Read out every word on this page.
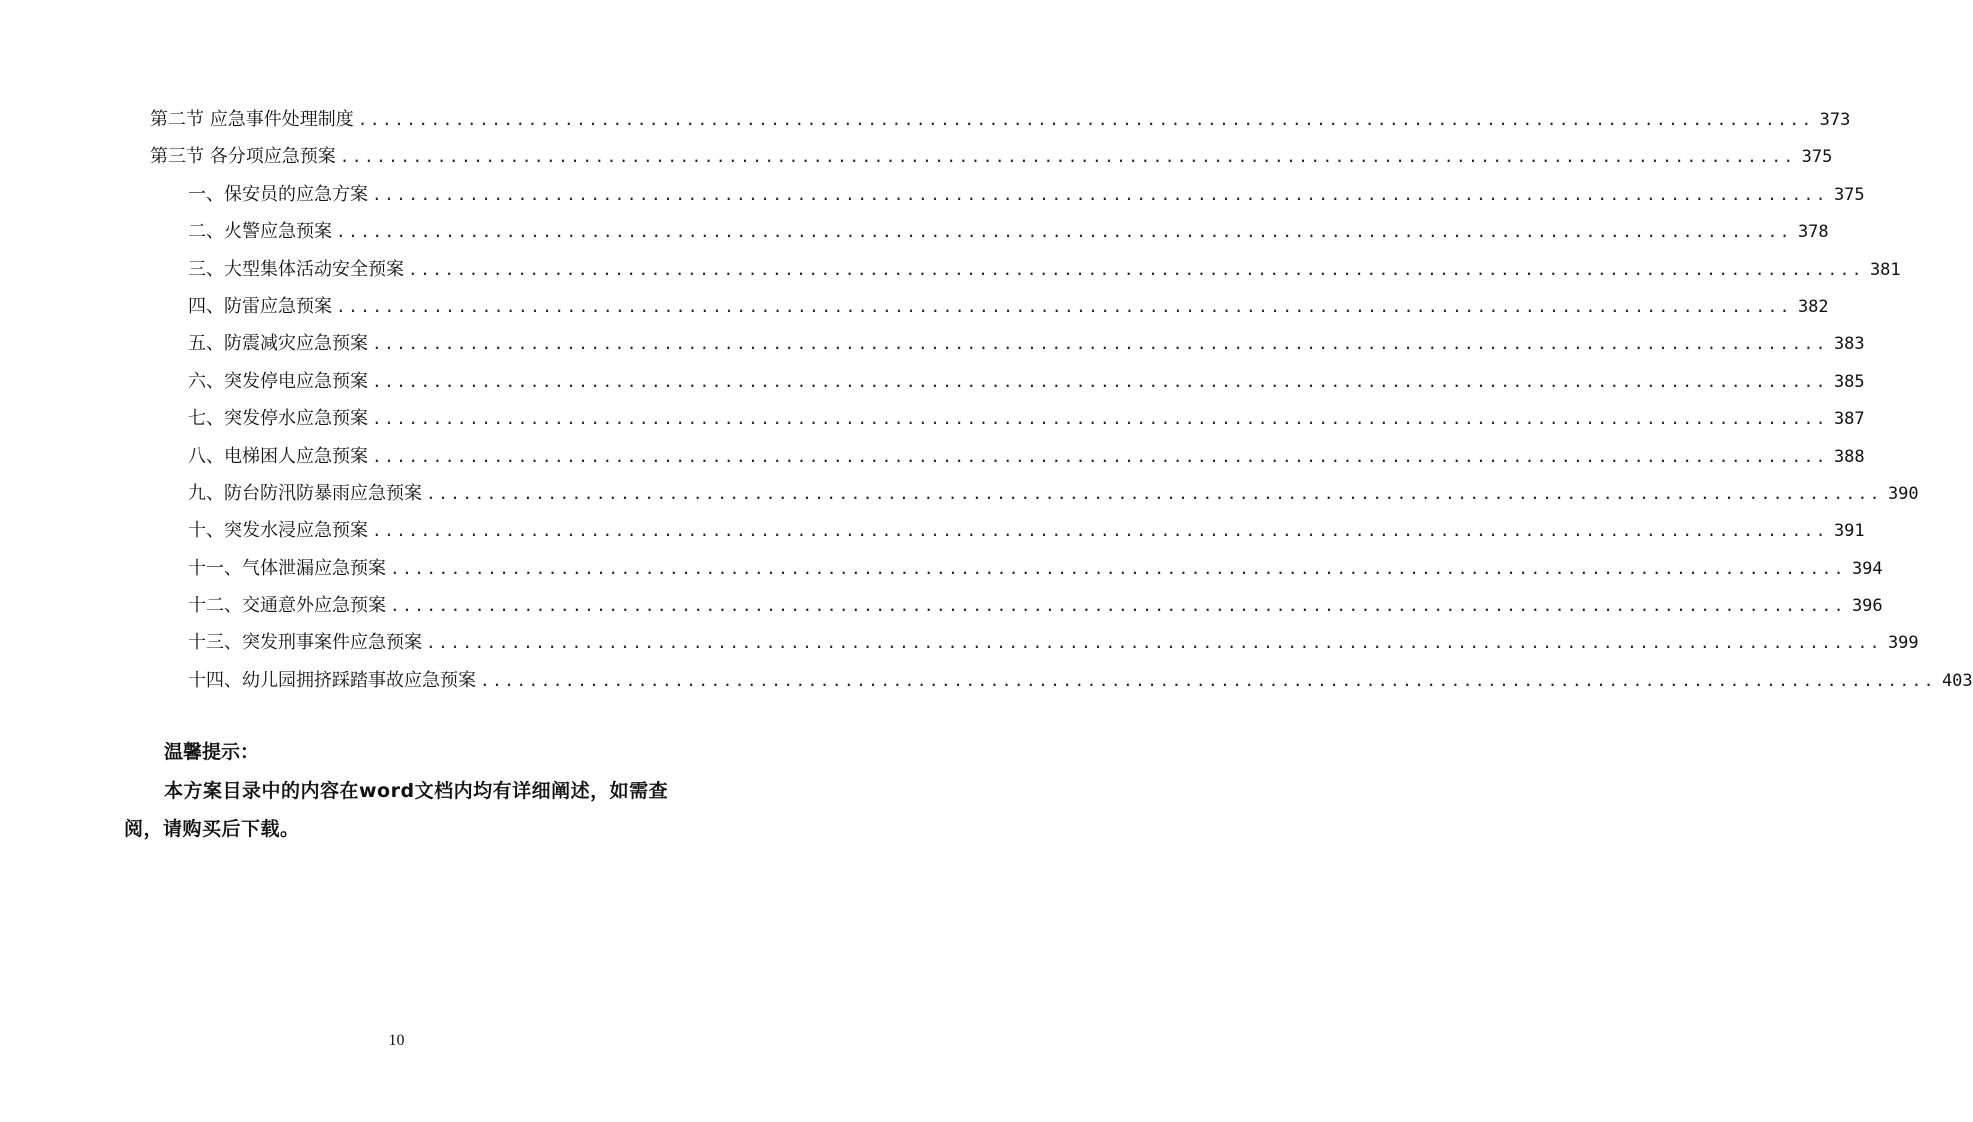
第二节 应急事件处理制度 ........................................................................................................................ 373
第三节 各分项应急预案 ........................................................................................................................ 375
一、保安员的应急方案 ........................................................................................................................ 375
二、火警应急预案 ........................................................................................................................ 378
三、大型集体活动安全预案 ........................................................................................................................ 381
四、防雷应急预案 ........................................................................................................................ 382
五、防震减灾应急预案 ........................................................................................................................ 383
六、突发停电应急预案 ........................................................................................................................ 385
七、突发停水应急预案 ........................................................................................................................ 387
八、电梯困人应急预案 ........................................................................................................................ 388
九、防台防汛防暴雨应急预案 ........................................................................................................................ 390
十、突发水浸应急预案 ........................................................................................................................ 391
十一、气体泄漏应急预案 ........................................................................................................................ 394
十二、交通意外应急预案 ........................................................................................................................ 396
十三、突发刑事案件应急预案 ........................................................................................................................ 399
十四、幼儿园拥挤踩踏事故应急预案 ........................................................................................................................ 403
温馨提示：
本方案目录中的内容在word文档内均有详细阐述，如需查阅，请购买后下载。
10
